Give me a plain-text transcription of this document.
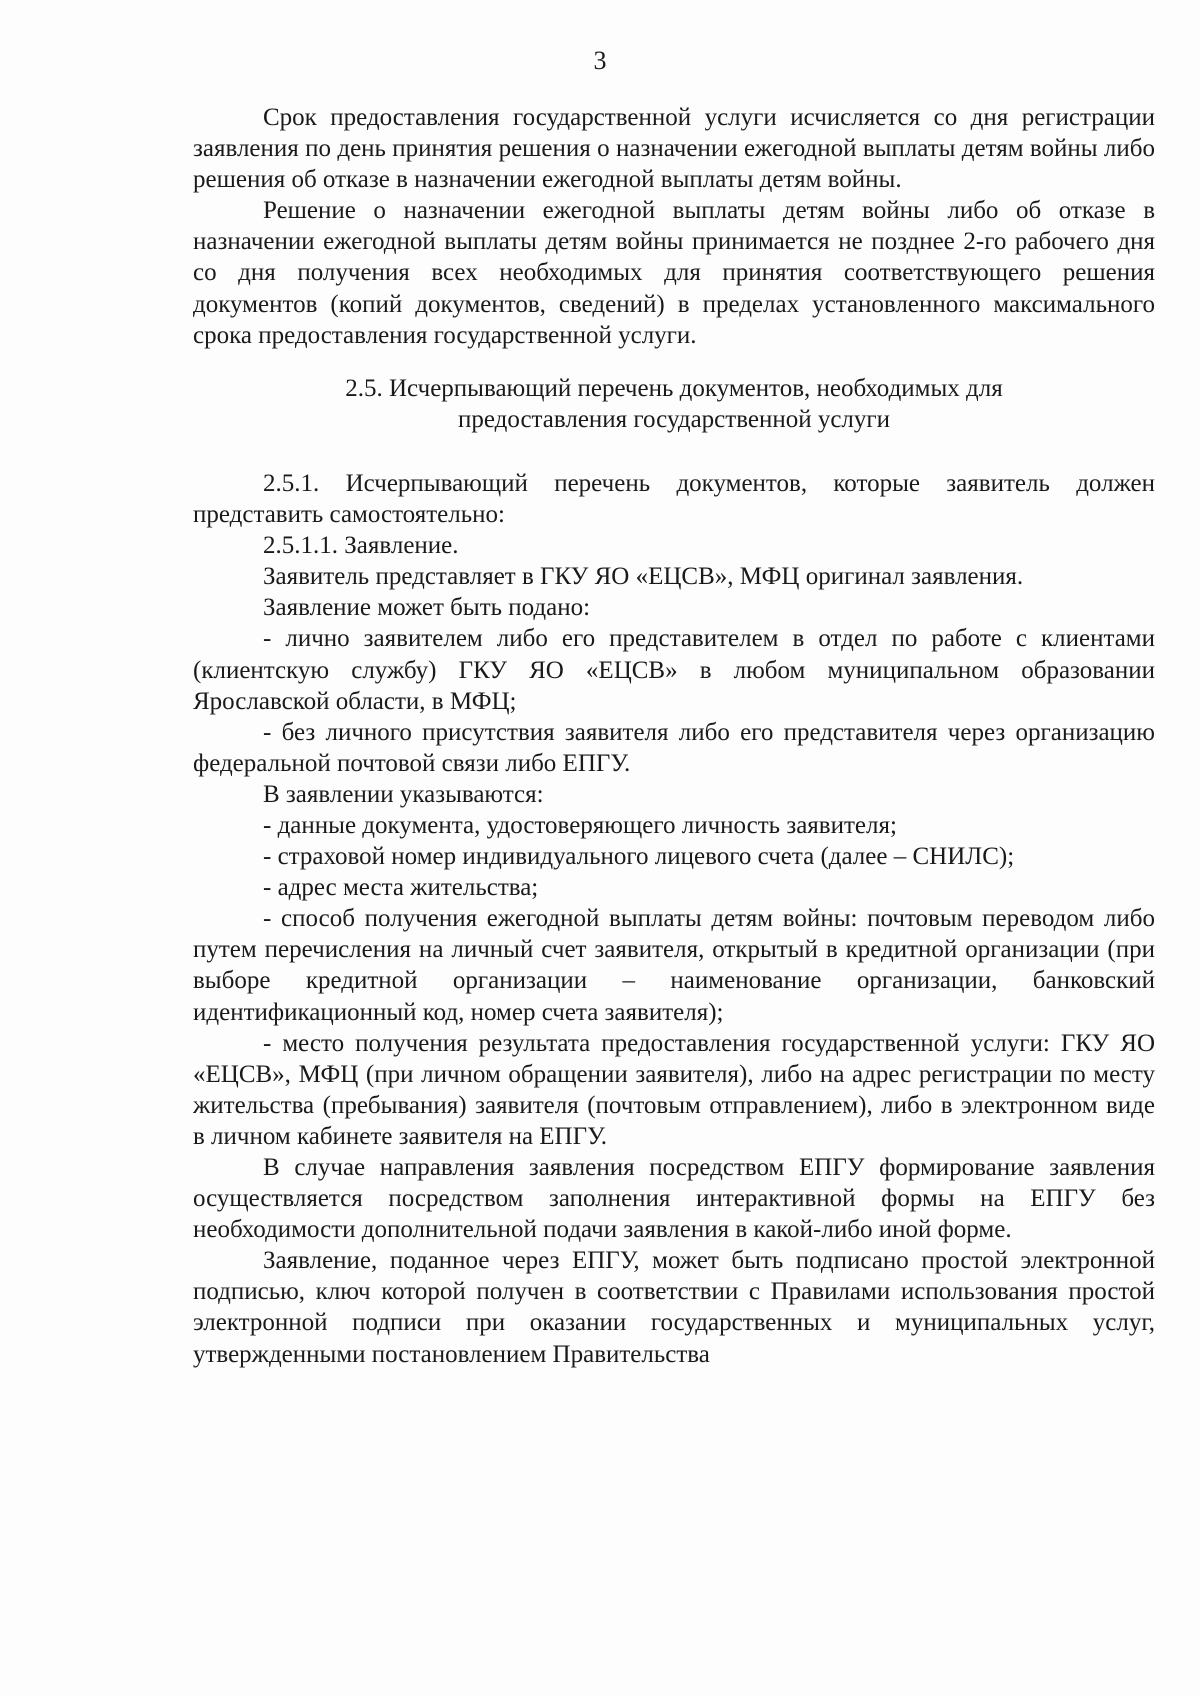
3

Срок предоставления государственной услуги исчисляется со дня регистрации заявления по день принятия решения о назначении ежегодной выплаты детям войны либо решения об отказе в назначении ежегодной выплаты детям войны.

Решение о назначении ежегодной выплаты детям войны либо об отказе в назначении ежегодной выплаты детям войны принимается не позднее 2-го рабочего дня со дня получения всех необходимых для принятия соответствующего решения документов (копий документов, сведений) в пределах установленного максимального срока предоставления государственной услуги.

2.5. Исчерпывающий перечень документов, необходимых для
предоставления государственной услуги

2.5.1. Исчерпывающий перечень документов, которые заявитель должен представить самостоятельно:

2.5.1.1. Заявление.

Заявитель представляет в ГКУ ЯО «ЕЦСВ», МФЦ оригинал заявления.

Заявление может быть подано:

- лично заявителем либо его представителем в отдел по работе с клиентами (клиентскую службу) ГКУ ЯО «ЕЦСВ» в любом муниципальном образовании Ярославской области, в МФЦ;

- без личного присутствия заявителя либо его представителя через организацию федеральной почтовой связи либо ЕПГУ.

В заявлении указываются:

- данные документа, удостоверяющего личность заявителя;

- страховой номер индивидуального лицевого счета (далее – СНИЛС);

- адрес места жительства;

- способ получения ежегодной выплаты детям войны: почтовым переводом либо путем перечисления на личный счет заявителя, открытый в кредитной организации (при выборе кредитной организации – наименование организации, банковский идентификационный код, номер счета заявителя);

- место получения результата предоставления государственной услуги: ГКУ ЯО «ЕЦСВ», МФЦ (при личном обращении заявителя), либо на адрес регистрации по месту жительства (пребывания) заявителя (почтовым отправлением), либо в электронном виде в личном кабинете заявителя на ЕПГУ.

В случае направления заявления посредством ЕПГУ формирование заявления осуществляется посредством заполнения интерактивной формы на ЕПГУ без необходимости дополнительной подачи заявления в какой-либо иной форме.

Заявление, поданное через ЕПГУ, может быть подписано простой электронной подписью, ключ которой получен в соответствии с Правилами использования простой электронной подписи при оказании государственных и муниципальных услуг, утвержденными постановлением Правительства
